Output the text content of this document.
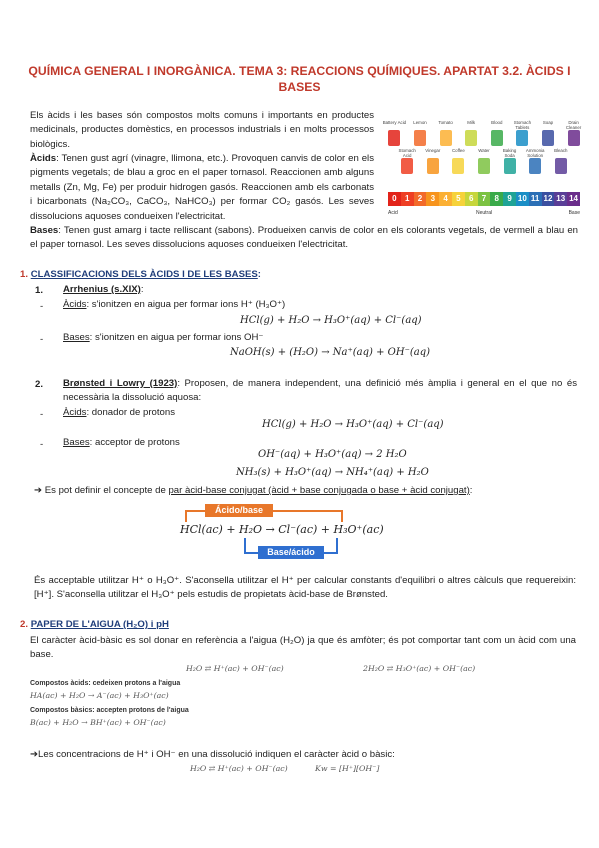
QUÍMICA GENERAL I INORGÀNICA. TEMA 3: REACCIONS QUÍMIQUES. APARTAT 3.2. ÀCIDS I BASES
Els àcids i les bases són compostos molts comuns i importants en productes medicinals, productes domèstics, en processos industrials i en molts processos biològics.
Àcids: Tenen gust agrí (vinagre, llimona, etc.). Provoquen canvis de color en els pigments vegetals; de blau a groc en el paper tornasol. Reaccionen amb alguns metalls (Zn, Mg, Fe) per produir hidrogen gasós. Reaccionen amb els carbonats i bicarbonats (Na₂CO₃, CaCO₃, NaHCO₃) per formar CO₂ gasós. Les seves dissolucions aquoses condueixen l'electricitat.
Bases: Tenen gust amarg i tacte relliscant (sabons). Produeixen canvis de color en els colorants vegetals, de vermell a blau en el paper tornasol. Les seves dissolucions aquoses condueixen l'electricitat.
Battery Acid
Stomach Acid
Lemon
Vinegar
Tomato
Coffee
Milk
Water
Blood
Baking Soda
Stomach Tablets
Ammonia Solution
Soap
Bleach
Drain Cleaner
0	1	2	3	4	5	6	7	8	9 10 11 12 13 14
Acid	Neutral	Base
1. CLASSIFICACIONS DELS ÀCIDS I DE LES BASES:
1. Arrhenius (s.XIX):
- Àcids: s'ionitzen en aigua per formar ions H⁺ (H₃O⁺)
HCl(g) + H₂O → H₃O⁺(aq) + Cl⁻(aq)
- Bases: s'ionitzen en aigua per formar ions OH⁻
NaOH(s) + (H₂O) → Na⁺(aq) + OH⁻(aq)
2. Brønsted i Lowry (1923): Proposen, de manera independent, una definició més àmplia i general en el que no és necessària la dissolució aquosa:
- Àcids: donador de protons
HCl(g) + H₂O → H₃O⁺(aq) + Cl⁻(aq)
- Bases: acceptor de protons
OH⁻(aq) + H₃O⁺(aq) → 2 H₂O
NH₃(s) + H₃O⁺(aq) → NH₄⁺(aq) + H₂O
➔ Es pot definir el concepte de par àcid-base conjugat (àcid + base conjugada o base + àcid conjugat):
Ácido/base
HCl(ac) + H₂O → Cl⁻(ac) + H₃O⁺(ac)
Base/ácido
És acceptable utilitzar H⁺ o H₃O⁺. S'aconsella utilitzar el H⁺ per calcular constants d'equilibri o altres càlculs que requereixin: [H⁺]. S'aconsella utilitzar el H₃O⁺ pels estudis de propietats àcid-base de Brønsted.
2. PAPER DE L'AIGUA (H₂O) i pH
El caràcter àcid-bàsic es sol donar en referència a l'aigua (H₂O) ja que és amfòter; és pot comportar tant com un àcid com una base.
H₂O ⇄ H⁺(ac) + OH⁻(ac)	2H₂O ⇄ H₃O⁺(ac) + OH⁻(ac)
Compostos àcids: cedeixen protons a l'aigua
HA(ac) + H₂O → A⁻(ac) + H₃O⁺(ac)
Compostos bàsics: accepten protons de l'aigua
B(ac) + H₂O → BH⁺(ac) + OH⁻(ac)
➔Les concentracions de H⁺ i OH⁻ en una dissolució indiquen el caràcter àcid o bàsic:
H₂O ⇄ H⁺(ac) + OH⁻(ac)	Kw = [H⁺][OH⁻]
